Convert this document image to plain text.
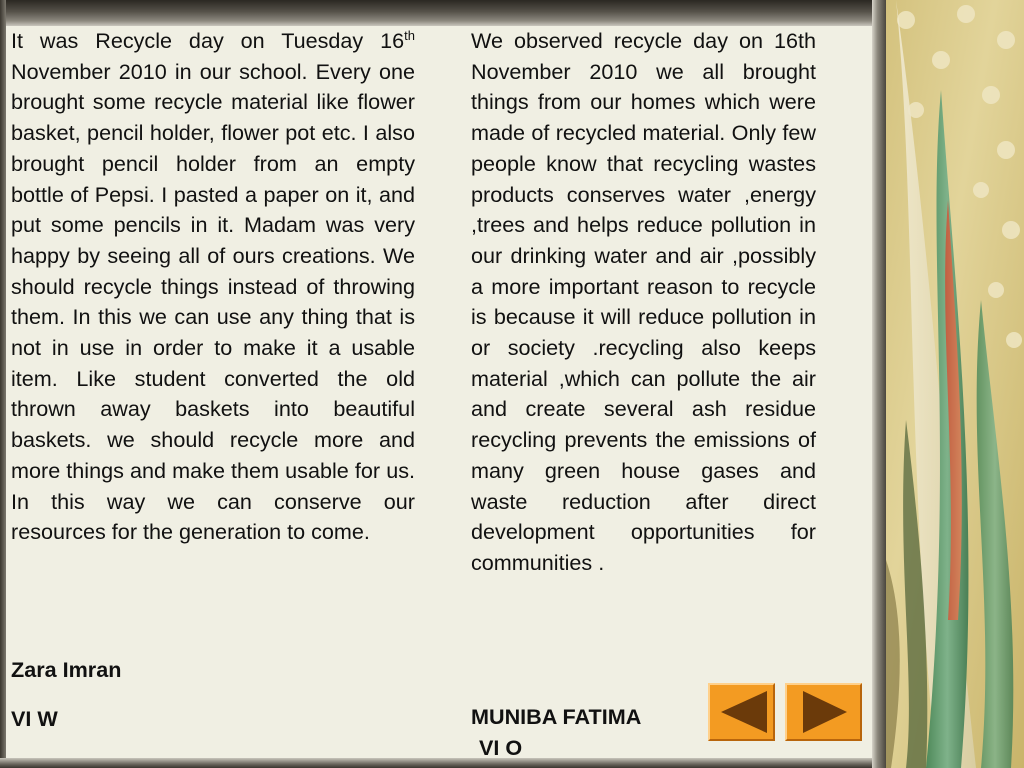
It was Recycle day on Tuesday 16th November 2010 in our school. Every one brought some recycle material like flower basket, pencil holder, flower pot etc. I also brought pencil holder from an empty bottle of Pepsi. I pasted a paper on it, and put some pencils in it. Madam was very happy by seeing all of ours creations. We should recycle things instead of throwing them. In this we can use any thing that is not in use in order to make it a usable item. Like student converted the old thrown away baskets into beautiful baskets. we should recycle more and more things and make them usable for us. In this way we can conserve our resources for the generation to come.

Zara Imran
VI W

We observed recycle day on 16th November 2010 we all brought things from our homes which were made of recycled material. Only few people know that recycling wastes products conserves water ,energy ,trees and helps reduce pollution in our drinking water and air ,possibly a more important reason to recycle is because it will reduce pollution in or society .recycling also keeps material ,which can pollute the air and create several ash residue recycling prevents the emissions of many green house gases and waste reduction after direct development opportunities for communities .

MUNIBA FATIMA
VI O
